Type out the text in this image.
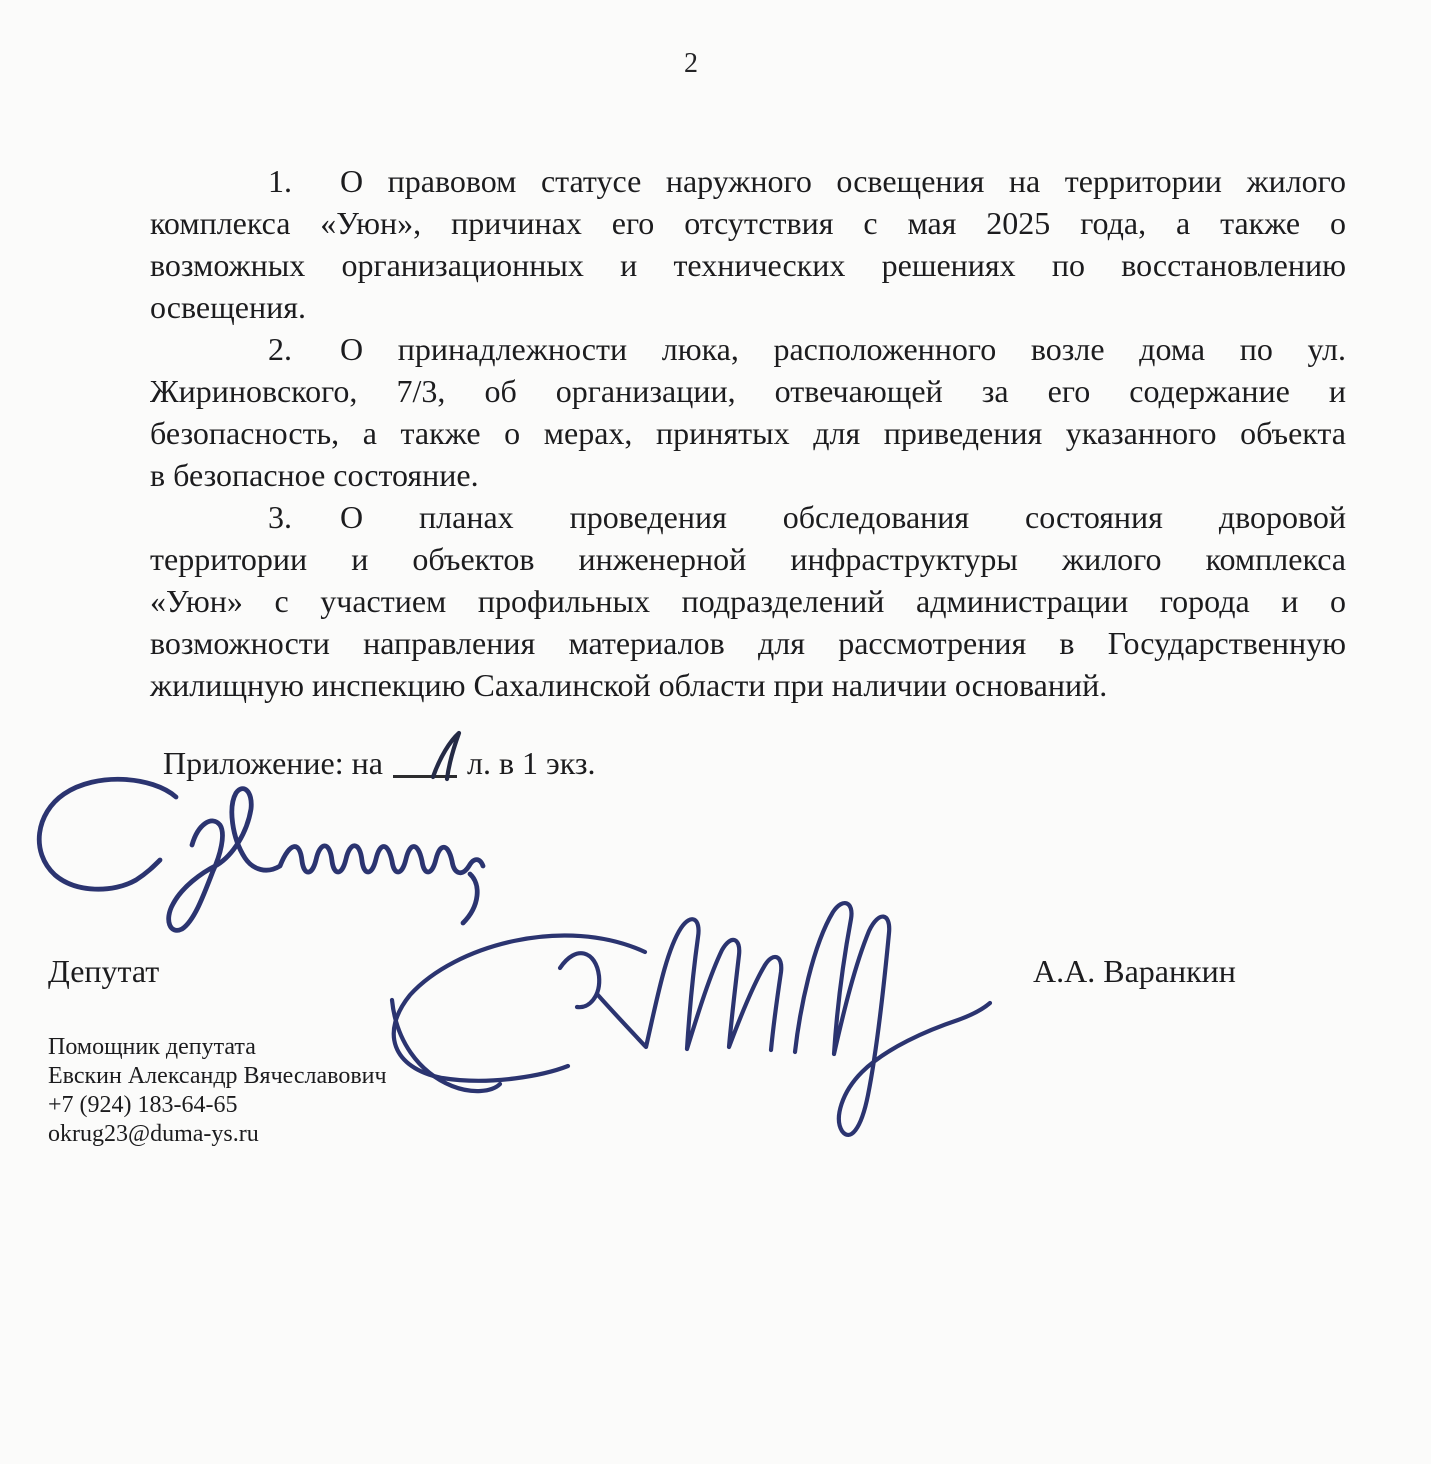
2
1. О правовом статусе наружного освещения на территории жилого
комплекса «Уюн», причинах его отсутствия с мая 2025 года, а также о
возможных организационных и технических решениях по восстановлению
освещения.
2. О принадлежности люка, расположенного возле дома по ул.
Жириновского, 7/3, об организации, отвечающей за его содержание и
безопасность, а также о мерах, принятых для приведения указанного объекта
в безопасное состояние.
3. О планах проведения обследования состояния дворовой
территории и объектов инженерной инфраструктуры жилого комплекса
«Уюн» с участием профильных подразделений администрации города и о
возможности направления материалов для рассмотрения в Государственную
жилищную инспекцию Сахалинской области при наличии оснований.
Приложение: на	л. в 1 экз.
Депутат	А.А. Варанкин
Помощник депутата
Евскин Александр Вячеславович
+7 (924) 183-64-65
okrug23@duma-ys.ru
